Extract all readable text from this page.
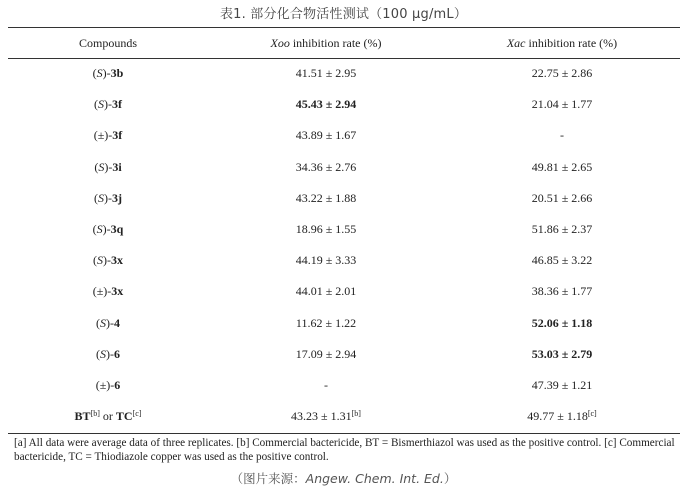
表1. 部分化合物活性测试（100 μg/mL）
Compounds	Xoo inhibition rate (%)	Xac inhibition rate (%)
(S)-3b	41.51 ± 2.95	22.75 ± 2.86
(S)-3f	45.43 ± 2.94	21.04 ± 1.77
(±)-3f	43.89 ± 1.67	-
(S)-3i	34.36 ± 2.76	49.81 ± 2.65
(S)-3j	43.22 ± 1.88	20.51 ± 2.66
(S)-3q	18.96 ± 1.55	51.86 ± 2.37
(S)-3x	44.19 ± 3.33	46.85 ± 3.22
(±)-3x	44.01 ± 2.01	38.36 ± 1.77
(S)-4	11.62 ± 1.22	52.06 ± 1.18
(S)-6	17.09 ± 2.94	53.03 ± 2.79
(±)-6	-	47.39 ± 1.21
BT[b] or TC[c]	43.23 ± 1.31[b]	49.77 ± 1.18[c]
[a] All data were average data of three replicates. [b] Commercial bactericide, BT = Bismerthiazol was used as the positive control. [c] Commercial bactericide, TC = Thiodiazole copper was used as the positive control.
（图片来源：Angew. Chem. Int. Ed.）
